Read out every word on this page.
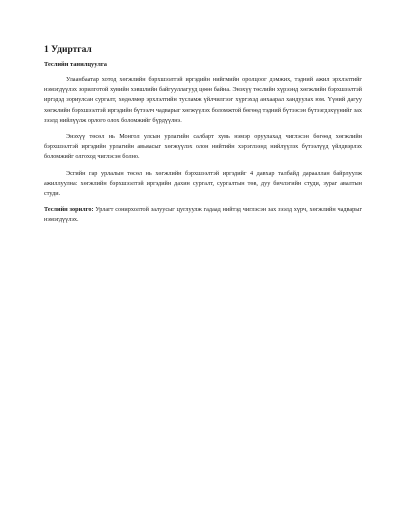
1 Удиртгал
Теслийн танилцуулга

Улаанбаатар хотод хөгжлийн бэрхшээлтэй иргэдийн нийгмийн оролцоог дэмжих, тэдний ажил эрхлэлтийг нэмэгдүүлэх зорилготой хувийн хэвшлийн байгууллагууд цөөн байна. Энэхүү төслийн хүрээнд хөгжлийн бэрхшээлтэй иргэдэд зориулсан сургалт, хөдөлмөр эрхлэлтийн тусламж үйлчилгээг хүргэхэд анхаарал хандуулах юм. Үүний дагуу хөгжлийн бэрхшээлтэй иргэдийн бүтээлч чадварыг хөгжүүлэх боломжтой бөгөөд тэдний бүтээсэн бүтээгдэхүүнийг зах зээлд нийлүүлж орлого олох боломжийг бүрдүүлнэ.

Энэхүү төсөл нь Монгол улсын урлагийн салбарт хувь нэмэр оруулахад чиглэсэн бөгөөд хөгжлийн бэрхшээлтэй иргэдийн урлагийн авьяасыг хөгжүүлэх олон нийтийн хэрэглээнд нийлүүлэх бүтээлүүд үйлдвэрлэх боломжийг олгоход чиглэсэн болно.

Эсгийн гар урлалын төсөл нь хөгжлийн бэрхшээлтэй иргэдийг 4 давхар талбайд дарааллан байрлуулж ажиллуулна: хөгжлийн бэрхшээлтэй иргэдийн дахин сургалт, сургалтын төв, дуу бичлэгийн студи, зураг авалтын студи.

Теслийн зорилго: Урлагт сонирхолтой залуусыг цуглуулж гадаад нийтэд чиглэсэн зах зээлд хүрч, хөгжлийн чадварыг нэмэгдүүлэх.
